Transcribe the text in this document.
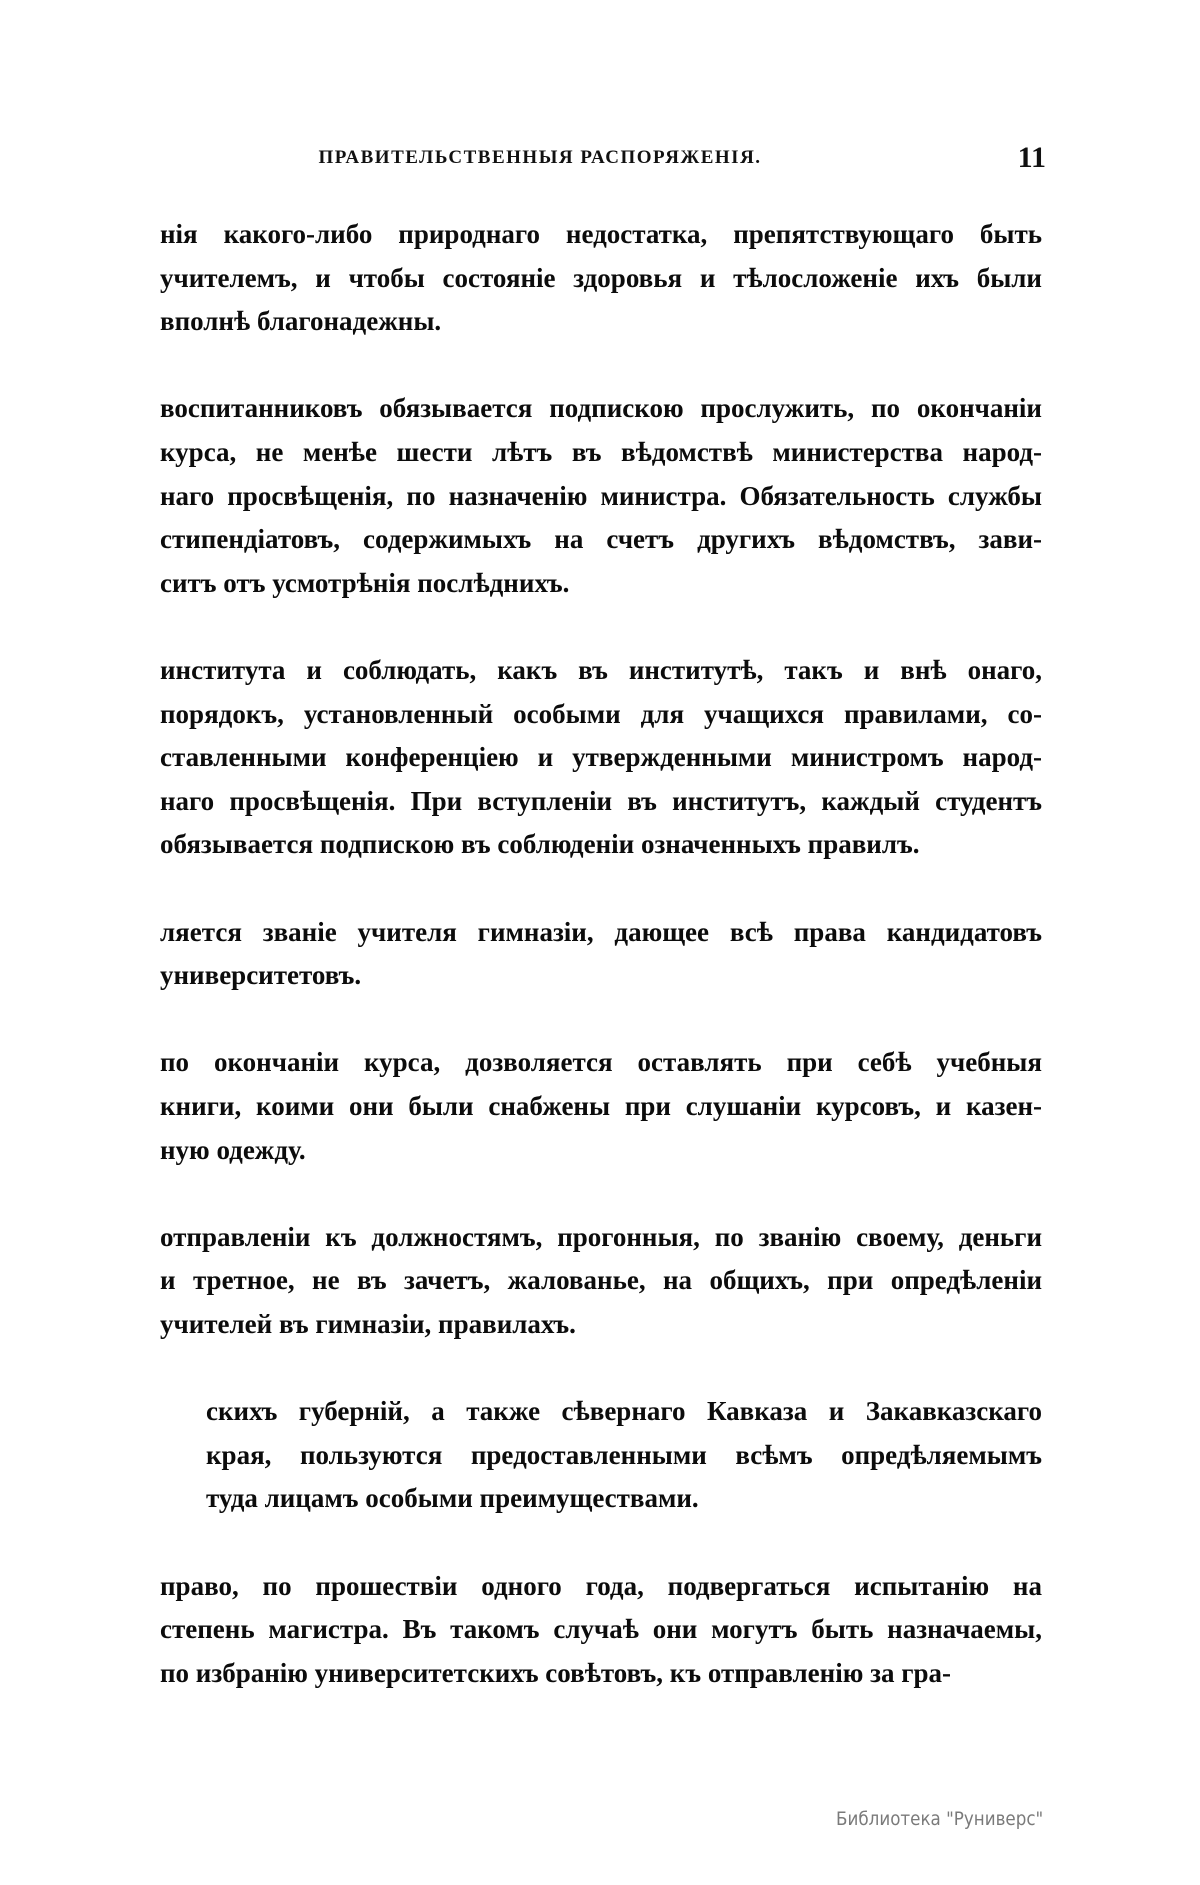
ПРАВИТЕЛЬСТВЕННЫЯ РАСПОРЯЖЕНІЯ.	11
нія какого-либо природнаго недостатка, препятствующаго быть
учителемъ, и чтобы состояніе здоровья и тѣлосложеніе ихъ были
вполнѣ благонадежны.
воспитанниковъ обязывается подпискою прослужить, по окончаніи
курса, не менѣе шести лѣтъ въ вѣдомствѣ министерства народ-
наго просвѣщенія, по назначенію министра. Обязательность службы
стипендіатовъ, содержимыхъ на счетъ другихъ вѣдомствъ, зави-
ситъ отъ усмотрѣнія послѣднихъ.
института и соблюдать, какъ въ институтѣ, такъ и внѣ онаго,
порядокъ, установленный особыми для учащихся правилами, со-
ставленными конференціею и утвержденными министромъ народ-
наго просвѣщенія. При вступленіи въ институтъ, каждый студентъ
обязывается подпискою въ соблюденіи означенныхъ правилъ.
ляется званіе учителя гимназіи, дающее всѣ права кандидатовъ
университетовъ.
по окончаніи курса, дозволяется оставлять при себѣ учебныя
книги, коими они были снабжены при слушаніи курсовъ, и казен-
ную одежду.
отправленіи къ должностямъ, прогонныя, по званію своему, деньги
и третное, не въ зачетъ, жалованье, на общихъ, при опредѣленіи
учителей въ гимназіи, правилахъ.
скихъ губерній, а также сѣвернаго Кавказа и Закавказскаго
края, пользуются предоставленными всѣмъ опредѣляемымъ
туда лицамъ особыми преимуществами.
право, по прошествіи одного года, подвергаться испытанію на
степень магистра. Въ такомъ случаѣ они могутъ быть назначаемы,
по избранію университетскихъ совѣтовъ, къ отправленію за гра-
Библиотека "Руниверс"
